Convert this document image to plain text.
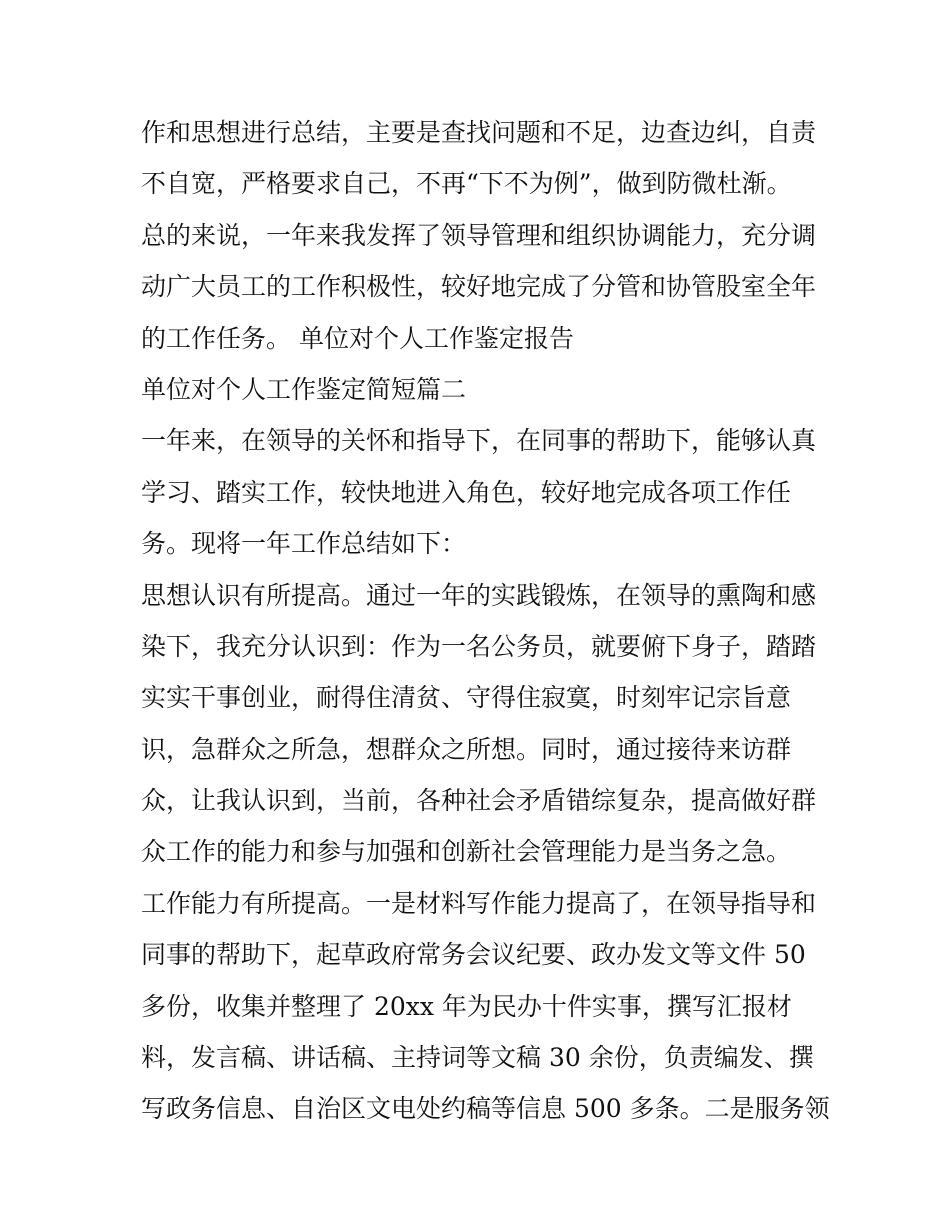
作和思想进行总结，主要是查找问题和不足，边查边纠，自责
不自宽，严格要求自己，不再“下不为例”，做到防微杜渐。
总的来说，一年来我发挥了领导管理和组织协调能力，充分调
动广大员工的工作积极性，较好地完成了分管和协管股室全年
的工作任务。 单位对个人工作鉴定报告
单位对个人工作鉴定简短篇二
一年来，在领导的关怀和指导下，在同事的帮助下，能够认真
学习、踏实工作，较快地进入角色，较好地完成各项工作任
务。现将一年工作总结如下：
思想认识有所提高。通过一年的实践锻炼，在领导的熏陶和感
染下，我充分认识到：作为一名公务员，就要俯下身子，踏踏
实实干事创业，耐得住清贫、守得住寂寞，时刻牢记宗旨意
识，急群众之所急，想群众之所想。同时，通过接待来访群
众，让我认识到，当前，各种社会矛盾错综复杂，提高做好群
众工作的能力和参与加强和创新社会管理能力是当务之急。
工作能力有所提高。一是材料写作能力提高了，在领导指导和
同事的帮助下，起草政府常务会议纪要、政办发文等文件 50
多份，收集并整理了 20xx 年为民办十件实事，撰写汇报材
料，发言稿、讲话稿、主持词等文稿 30 余份，负责编发、撰
写政务信息、自治区文电处约稿等信息 500 多条。二是服务领
